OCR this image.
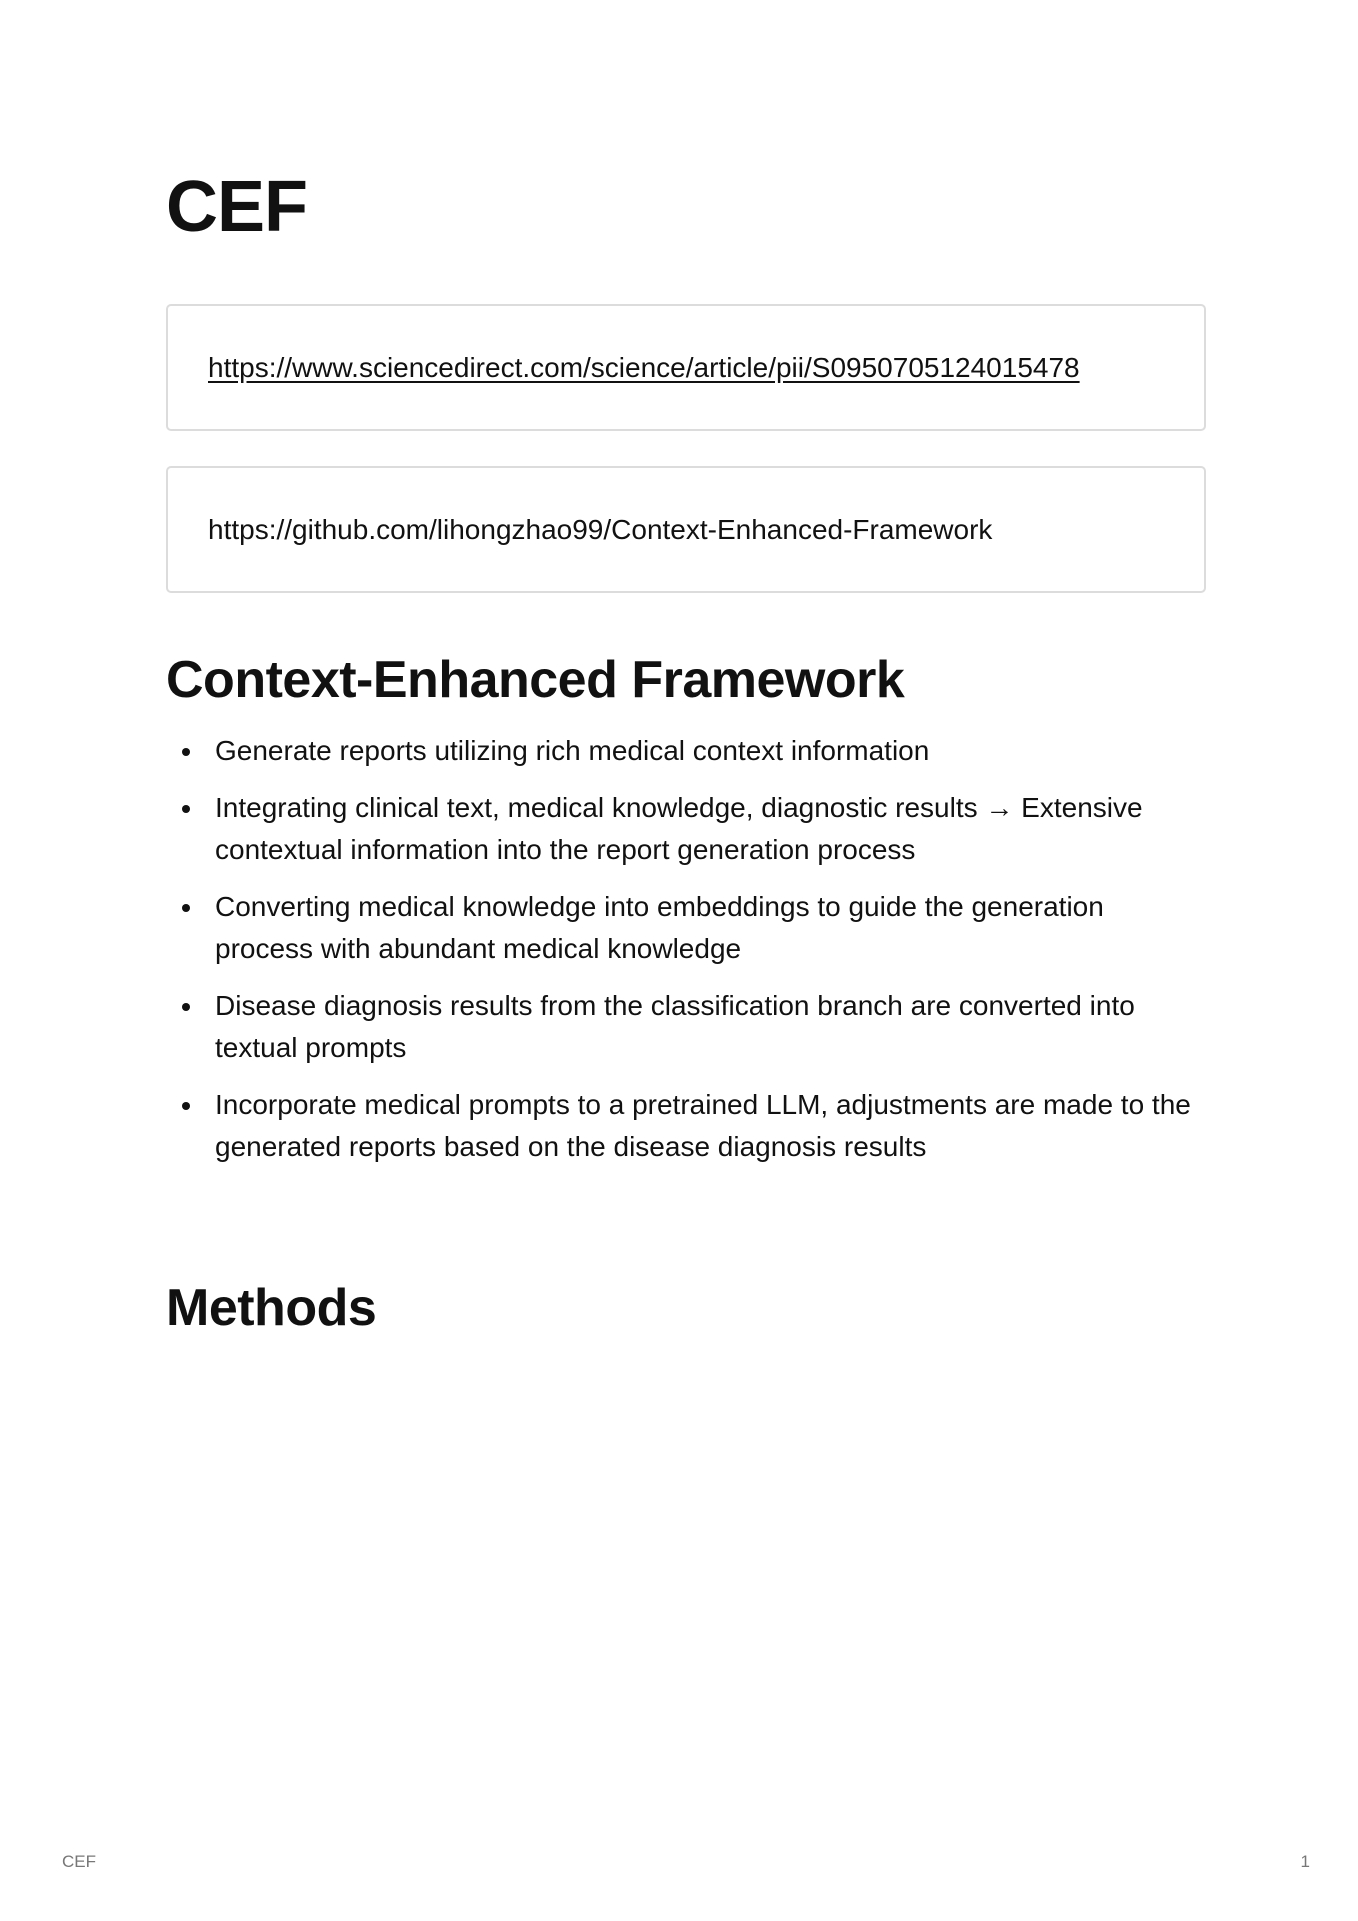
CEF
https://www.sciencedirect.com/science/article/pii/S0950705124015478
https://github.com/lihongzhao99/Context-Enhanced-Framework
Context-Enhanced Framework
Generate reports utilizing rich medical context information
Integrating clinical text, medical knowledge, diagnostic results → Extensive contextual information into the report generation process
Converting medical knowledge into embeddings to guide the generation process with abundant medical knowledge
Disease diagnosis results from the classification branch are converted into textual prompts
Incorporate medical prompts to a pretrained LLM, adjustments are made to the generated reports based on the disease diagnosis results
Methods
CEF	1
